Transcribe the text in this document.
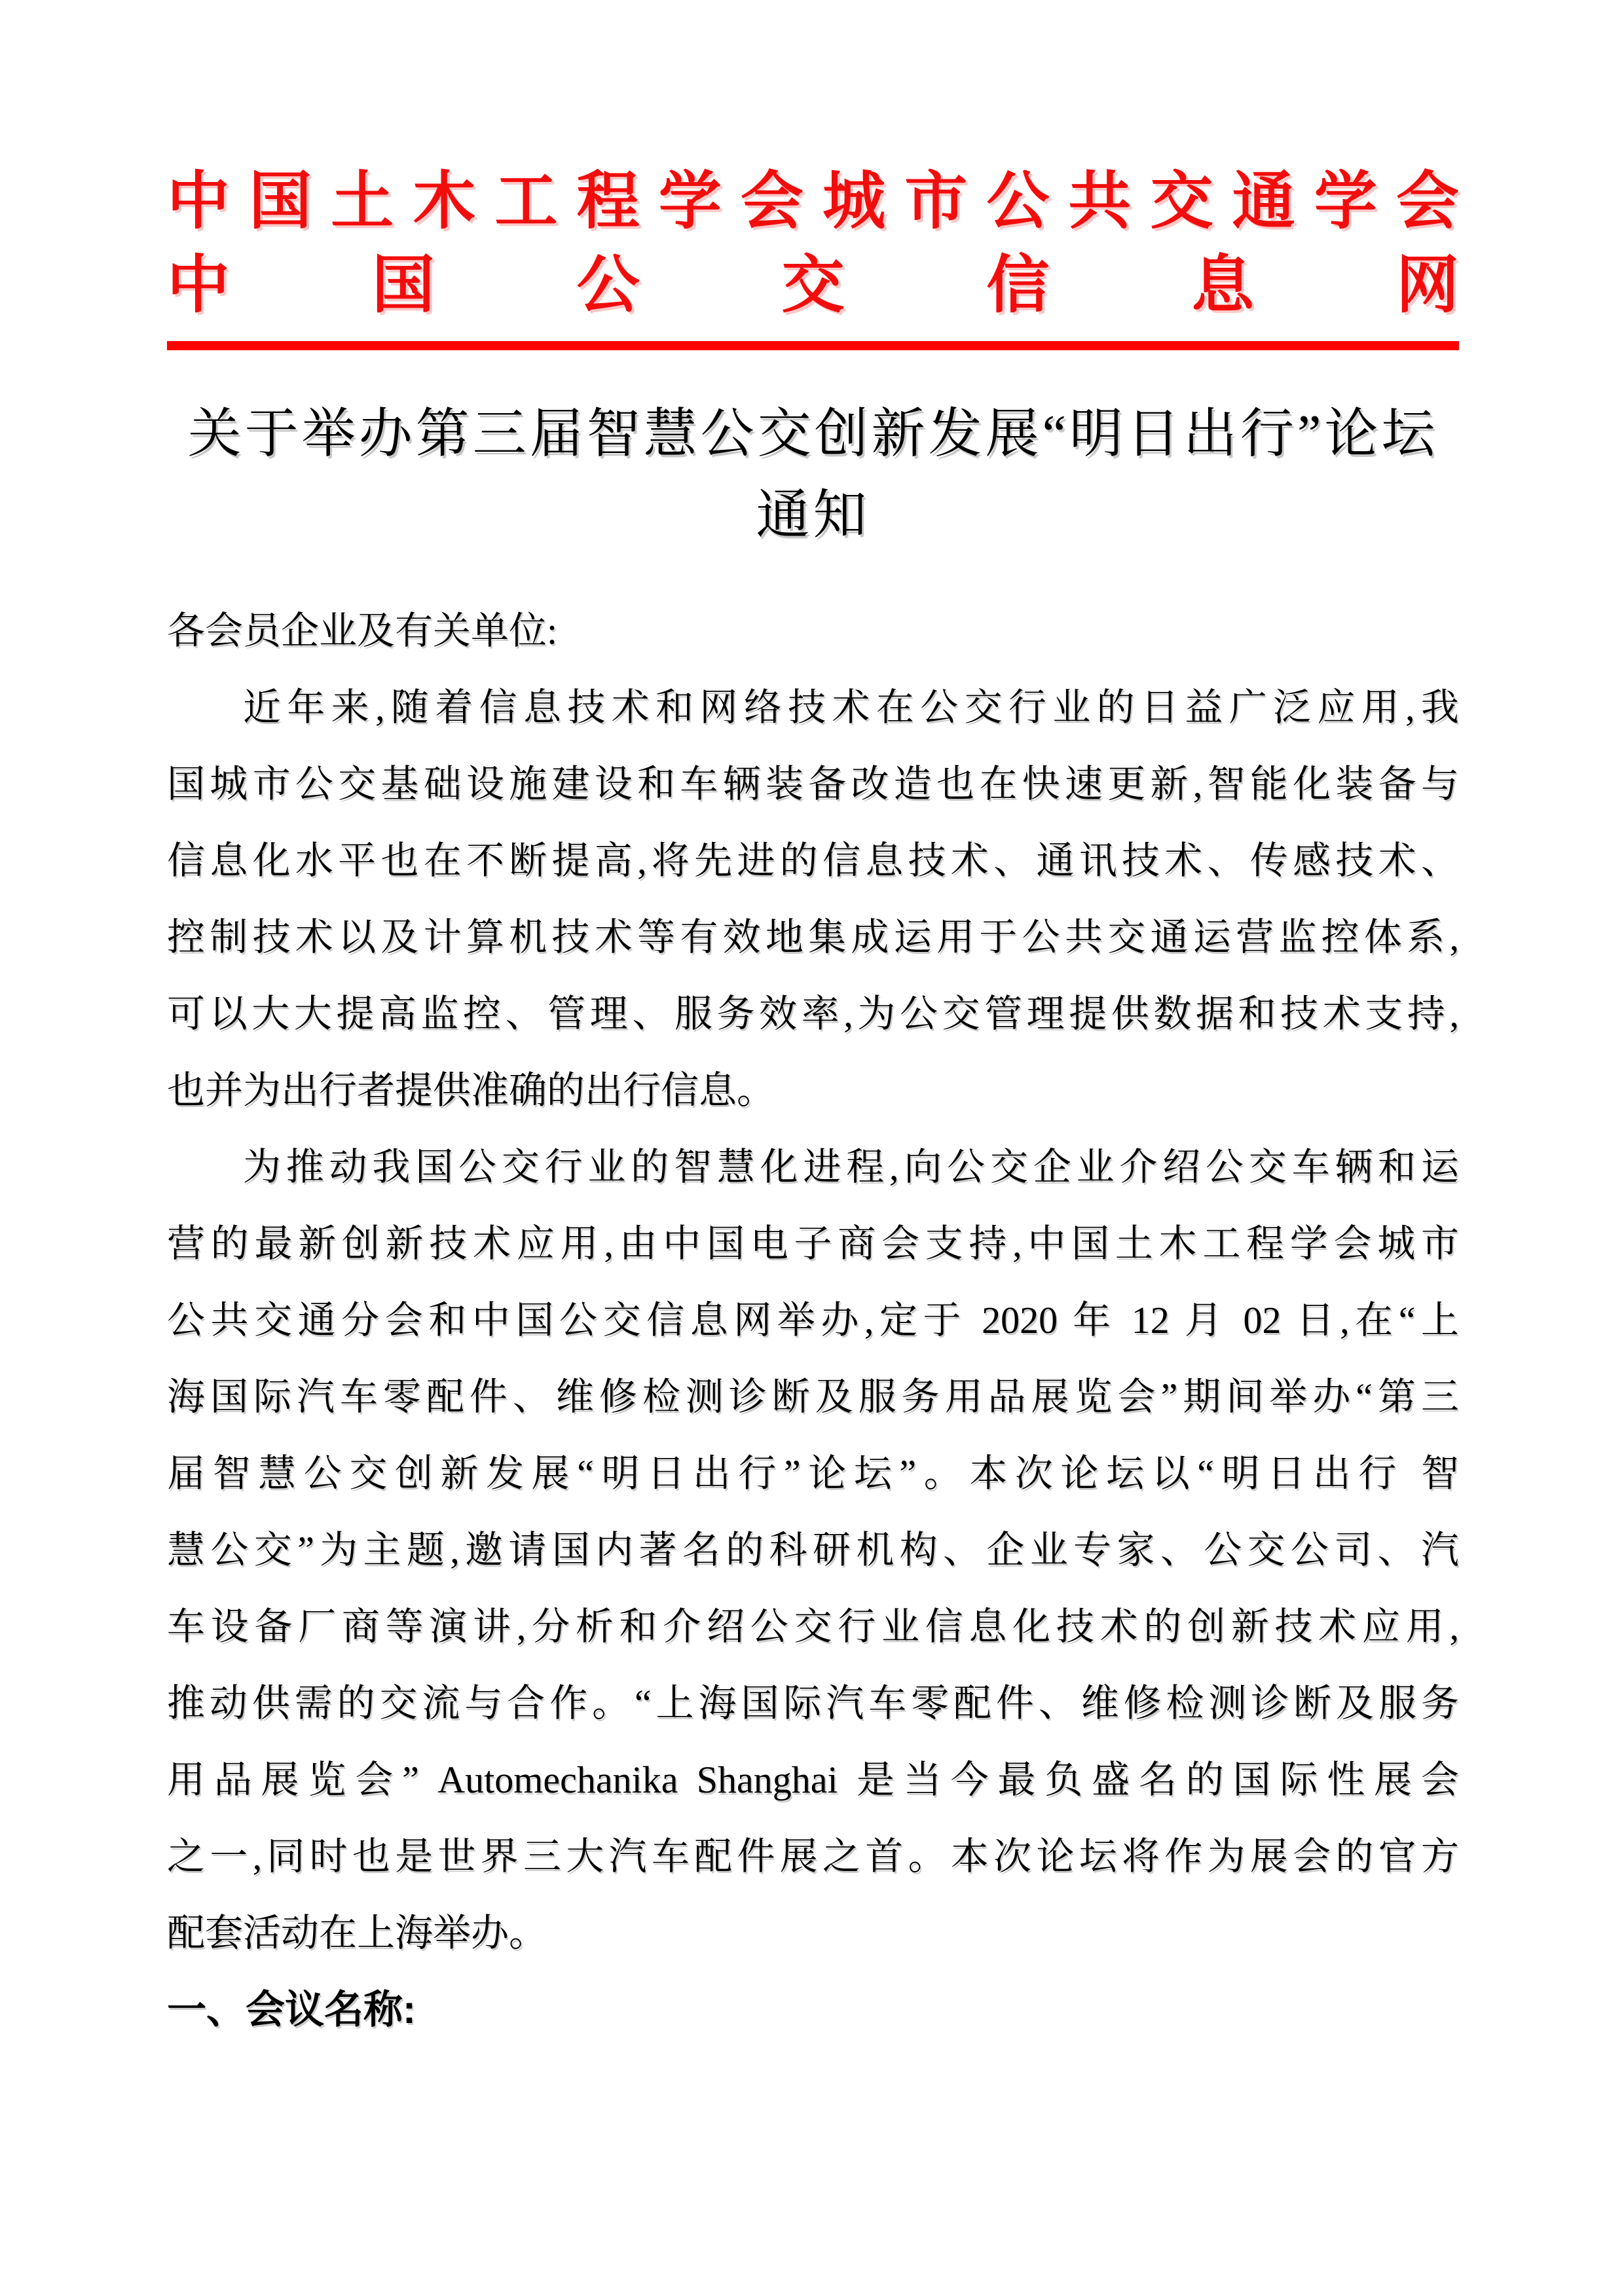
中国土木工程学会城市公共交通学会
中国公交信息网
关于举办第三届智慧公交创新发展“明日出行”论坛
通知
各会员企业及有关单位:
近年来,随着信息技术和网络技术在公交行业的日益广泛应用,我
国城市公交基础设施建设和车辆装备改造也在快速更新,智能化装备与
信息化水平也在不断提高,将先进的信息技术、通讯技术、传感技术、
控制技术以及计算机技术等有效地集成运用于公共交通运营监控体系,
可以大大提高监控、管理、服务效率,为公交管理提供数据和技术支持,
也并为出行者提供准确的出行信息。
为推动我国公交行业的智慧化进程,向公交企业介绍公交车辆和运
营的最新创新技术应用,由中国电子商会支持,中国土木工程学会城市
公共交通分会和中国公交信息网举办,定于 2020 年 12 月 02 日,在“上
海国际汽车零配件、维修检测诊断及服务用品展览会”期间举办“第三
届智慧公交创新发展“明日出行”论坛”。本次论坛以“明日出行 智
慧公交”为主题,邀请国内著名的科研机构、企业专家、公交公司、汽
车设备厂商等演讲,分析和介绍公交行业信息化技术的创新技术应用,
推动供需的交流与合作。“上海国际汽车零配件、维修检测诊断及服务
用品展览会” Automechanika Shanghai 是当今最负盛名的国际性展会
之一,同时也是世界三大汽车配件展之首。本次论坛将作为展会的官方
配套活动在上海举办。
一、会议名称:
